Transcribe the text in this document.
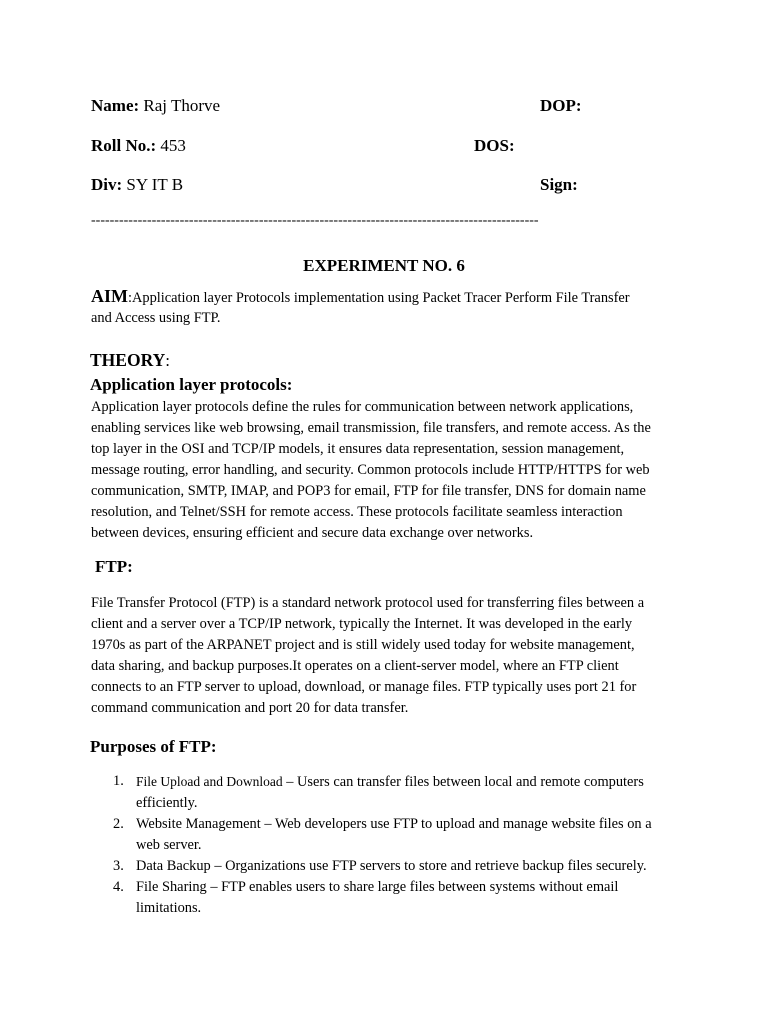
Name: Raj Thorve	DOP:
Roll No.: 453	DOS:
Div: SY IT B	Sign:
------------------------------------------------------------------------------------------------
EXPERIMENT NO. 6
AIM:Application layer Protocols implementation using Packet Tracer Perform File Transfer
and Access using FTP.
THEORY:
Application layer protocols:
Application layer protocols define the rules for communication between network applications,
enabling services like web browsing, email transmission, file transfers, and remote access. As the
top layer in the OSI and TCP/IP models, it ensures data representation, session management,
message routing, error handling, and security. Common protocols include HTTP/HTTPS for web
communication, SMTP, IMAP, and POP3 for email, FTP for file transfer, DNS for domain name
resolution, and Telnet/SSH for remote access. These protocols facilitate seamless interaction
between devices, ensuring efficient and secure data exchange over networks.
FTP:
File Transfer Protocol (FTP) is a standard network protocol used for transferring files between a
client and a server over a TCP/IP network, typically the Internet. It was developed in the early
1970s as part of the ARPANET project and is still widely used today for website management,
data sharing, and backup purposes.It operates on a client-server model, where an FTP client
connects to an FTP server to upload, download, or manage files. FTP typically uses port 21 for
command communication and port 20 for data transfer.
Purposes of FTP:
1. File Upload and Download – Users can transfer files between local and remote computers
efficiently.
2. Website Management – Web developers use FTP to upload and manage website files on a
web server.
3. Data Backup – Organizations use FTP servers to store and retrieve backup files securely.
4. File Sharing – FTP enables users to share large files between systems without email
limitations.
